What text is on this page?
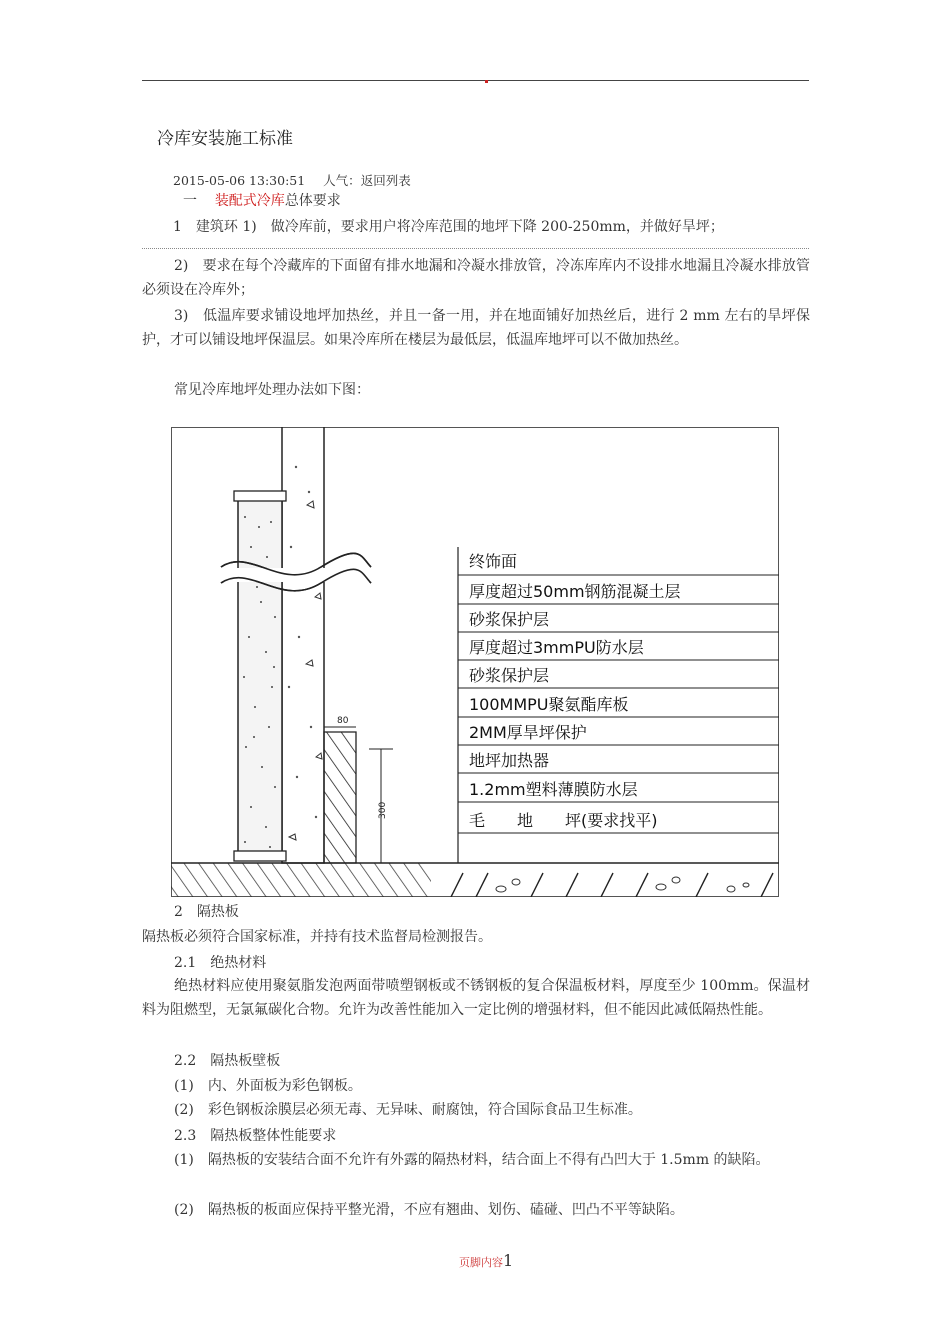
冷库安装施工标准
2015-05-06 13:30:51 人气：返回列表
一 装配式冷库总体要求
1　建筑环 1)　做冷库前，要求用户将冷库范围的地坪下降 200-250mm，并做好旱坪；
2)　要求在每个冷藏库的下面留有排水地漏和冷凝水排放管，冷冻库库内不设排水地漏且冷凝水排放管必须设在冷库外；
3)　低温库要求铺设地坪加热丝，并且一备一用，并在地面铺好加热丝后，进行 2 mm 左右的旱坪保护，才可以铺设地坪保温层。如果冷库所在楼层为最低层，低温库地坪可以不做加热丝。
常见冷库地坪处理办法如下图：
80
300
终饰面
厚度超过50mm钢筋混凝土层
砂浆保护层
厚度超过3mmPU防水层
砂浆保护层
100MMPU聚氨酯库板
2MM厚旱坪保护
地坪加热器
1.2mm塑料薄膜防水层
毛　　地　　坪(要求找平)
2　隔热板
隔热板必须符合国家标准，并持有技术监督局检测报告。
2.1　绝热材料
绝热材料应使用聚氨脂发泡两面带喷塑钢板或不锈钢板的复合保温板材料，厚度至少 100mm。保温材料为阻燃型，无氯氟碳化合物。允许为改善性能加入一定比例的增强材料，但不能因此减低隔热性能。
2.2　隔热板壁板
(1)　内、外面板为彩色钢板。
(2)　彩色钢板涂膜层必须无毒、无异味、耐腐蚀，符合国际食品卫生标准。
2.3　隔热板整体性能要求
(1)　隔热板的安装结合面不允许有外露的隔热材料，结合面上不得有凸凹大于 1.5mm 的缺陷。
(2)　隔热板的板面应保持平整光滑，不应有翘曲、划伤、磕碰、凹凸不平等缺陷。
页脚内容1
